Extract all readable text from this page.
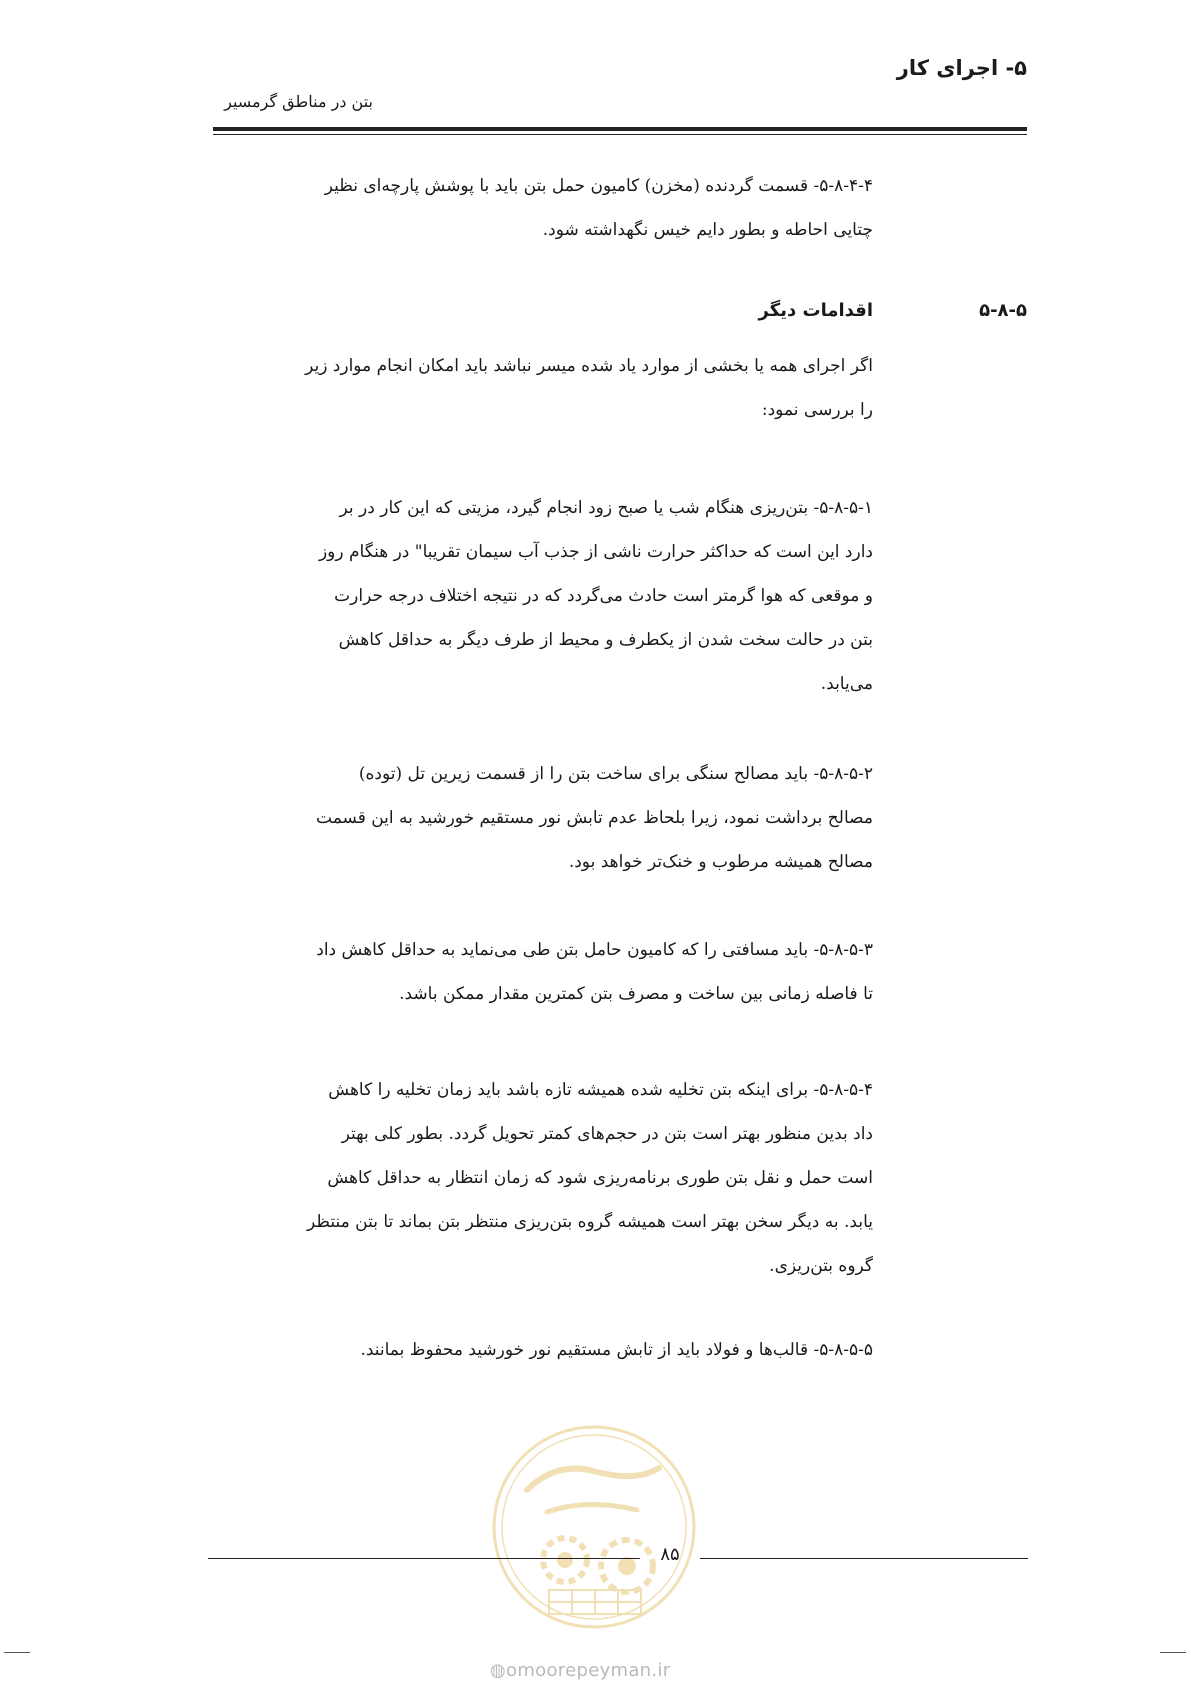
۵- اجرای کار
بتن در مناطق گرمسیر

۵-۸-۴-۴- قسمت گردنده (مخزن) کامیون حمل بتن باید با پوشش پارچه‌ای نظیر

چتایی احاطه و بطور دایم خیس نگهداشته شود.

۵-۸-۵
اقدامات دیگر

اگر اجرای همه یا بخشی از موارد یاد شده میسر نباشد باید امکان انجام موارد زیر

را بررسی نمود:

۵-۸-۵-۱- بتن‌ریزی هنگام شب یا صبح زود انجام گیرد، مزیتی که این کار در بر

دارد این است که حداکثر حرارت ناشی از جذب آب سیمان تقریبا" در هنگام روز

و موقعی که هوا گرمتر است حادث می‌گردد که در نتیجه اختلاف درجه حرارت

بتن در حالت سخت شدن از یکطرف و محیط از طرف دیگر به حداقل کاهش

می‌یابد.

۵-۸-۵-۲- باید مصالح سنگی برای ساخت بتن را از قسمت زیرین تل (توده)

مصالح برداشت نمود، زیرا بلحاظ عدم تابش نور مستقیم خورشید به این قسمت

مصالح همیشه مرطوب و خنک‌تر خواهد بود.

۵-۸-۵-۳- باید مسافتی را که کامیون حامل بتن طی می‌نماید به حداقل کاهش داد

تا فاصله زمانی بین ساخت و مصرف بتن کمترین مقدار ممکن باشد.

۵-۸-۵-۴- برای اینکه بتن تخلیه شده همیشه تازه باشد باید زمان تخلیه را کاهش

داد بدین منظور بهتر است بتن در حجم‌های کمتر تحویل گردد. بطور کلی بهتر

است حمل و نقل بتن طوری برنامه‌ریزی شود که زمان انتظار به حداقل کاهش

یابد. به دیگر سخن بهتر است همیشه گروه بتن‌ریزی منتظر بتن بماند تا بتن منتظر

گروه بتن‌ریزی.

۵-۸-۵-۵- قالب‌ها و فولاد باید از تابش مستقیم نور خورشید محفوظ بمانند.

۸۵
◍omoorepeyman.ir
